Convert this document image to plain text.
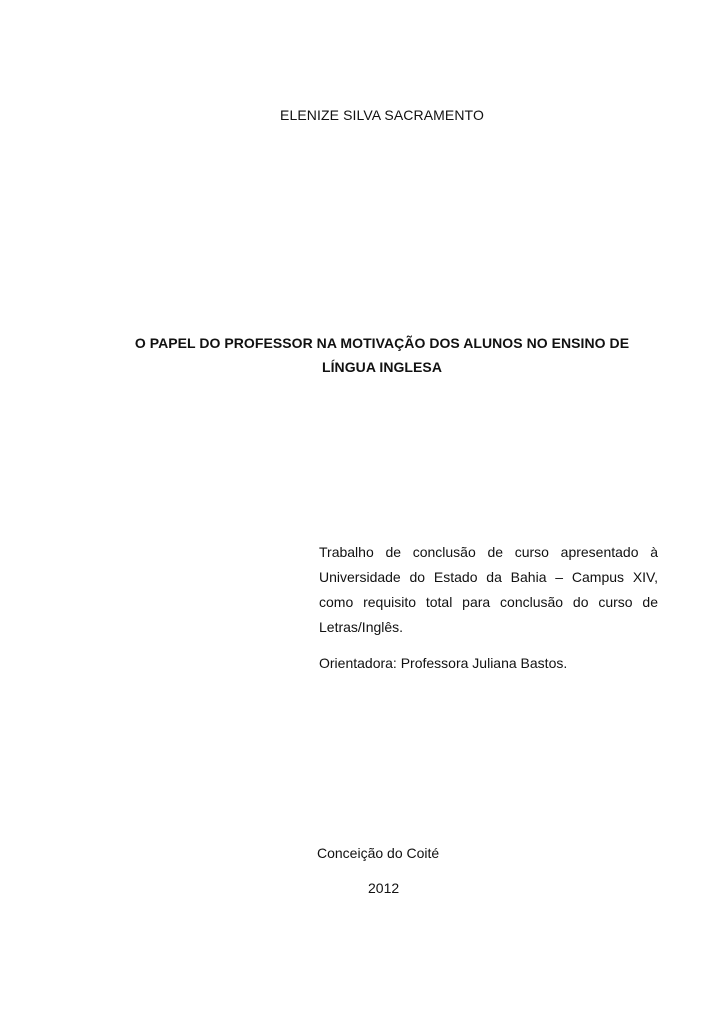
ELENIZE SILVA SACRAMENTO
O PAPEL DO PROFESSOR NA MOTIVAÇÃO DOS ALUNOS NO ENSINO DE
LÍNGUA INGLESA
Trabalho de conclusão de curso apresentado à Universidade do Estado da Bahia – Campus XIV, como requisito total para conclusão do curso de Letras/Inglês.
Orientadora: Professora Juliana Bastos.
Conceição do Coité
2012
